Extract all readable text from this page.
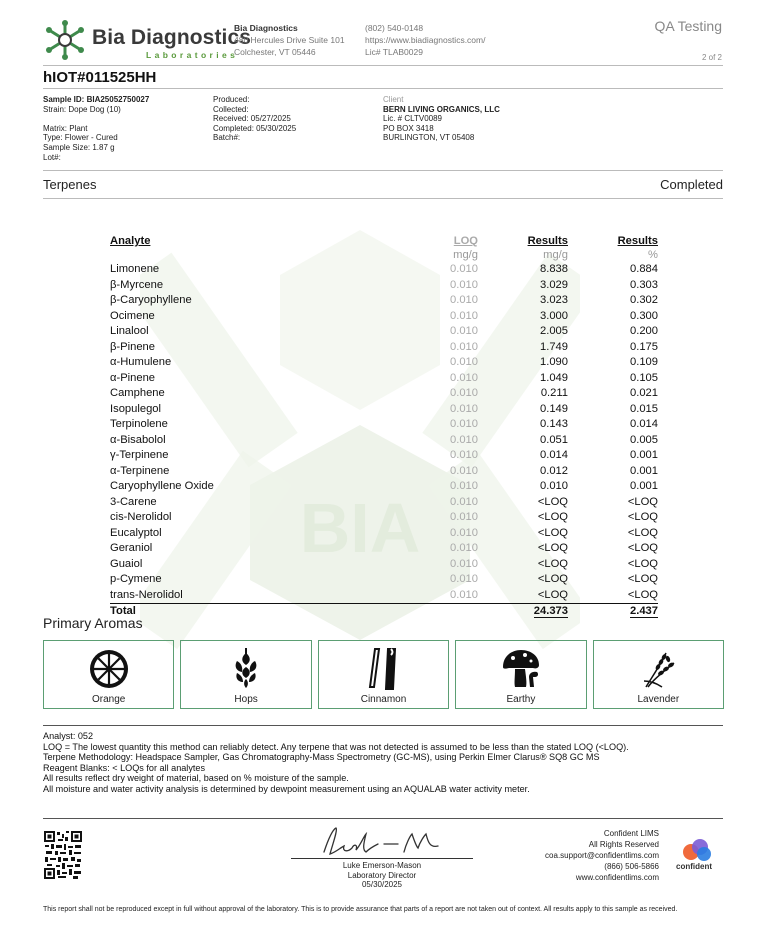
BIA
Bia Diagnostics
Laboratories
Bia Diagnostics
480 Hercules Drive Suite 101
Colchester, VT 05446
(802) 540-0148
https://www.biadiagnostics.com/
Lic# TLAB0029
QA Testing
2 of 2
hIOT#011525HH
Sample ID: BIA25052750027
Strain: Dope Dog (10)
Matrix: Plant
Type: Flower - Cured
Sample Size: 1.87 g
Lot#:
Produced:
Collected:
Received: 05/27/2025
Completed: 05/30/2025
Batch#:
Client
BERN LIVING ORGANICS, LLC
Lic. # CLTV0089
PO BOX 3418
BURLINGTON, VT 05408
Terpenes	Completed
Analyte	LOQ	Results	Results
	mg/g	mg/g	%
Limonene	0.010	8.838	0.884
β-Myrcene	0.010	3.029	0.303
β-Caryophyllene	0.010	3.023	0.302
Ocimene	0.010	3.000	0.300
Linalool	0.010	2.005	0.200
β-Pinene	0.010	1.749	0.175
α-Humulene	0.010	1.090	0.109
α-Pinene	0.010	1.049	0.105
Camphene	0.010	0.211	0.021
Isopulegol	0.010	0.149	0.015
Terpinolene	0.010	0.143	0.014
α-Bisabolol	0.010	0.051	0.005
γ-Terpinene	0.010	0.014	0.001
α-Terpinene	0.010	0.012	0.001
Caryophyllene Oxide	0.010	0.010	0.001
3-Carene	0.010	<LOQ	<LOQ
cis-Nerolidol	0.010	<LOQ	<LOQ
Eucalyptol	0.010	<LOQ	<LOQ
Geraniol	0.010	<LOQ	<LOQ
Guaiol	0.010	<LOQ	<LOQ
p-Cymene	0.010	<LOQ	<LOQ
trans-Nerolidol	0.010	<LOQ	<LOQ
Total		24.373	2.437
Primary Aromas
Orange	Hops	Cinnamon	Earthy	Lavender
Analyst: 052
LOQ = The lowest quantity this method can reliably detect. Any terpene that was not detected is assumed to be less than the stated LOQ (<LOQ).
Terpene Methodology: Headspace Sampler, Gas Chromatography-Mass Spectrometry (GC-MS), using Perkin Elmer Clarus® SQ8 GC MS
Reagent Blanks: < LOQs for all analytes
All results reflect dry weight of material, based on % moisture of the sample.
All moisture and water activity analysis is determined by dewpoint measurement using an AQUALAB water activity meter.
Luke Emerson-Mason
Laboratory Director
05/30/2025
Confident LIMS
All Rights Reserved
coa.support@confidentlims.com
(866) 506-5866
www.confidentlims.com
confident
This report shall not be reproduced except in full without approval of the laboratory. This is to provide assurance that parts of a report are not taken out of context. All results apply to this sample as received.
